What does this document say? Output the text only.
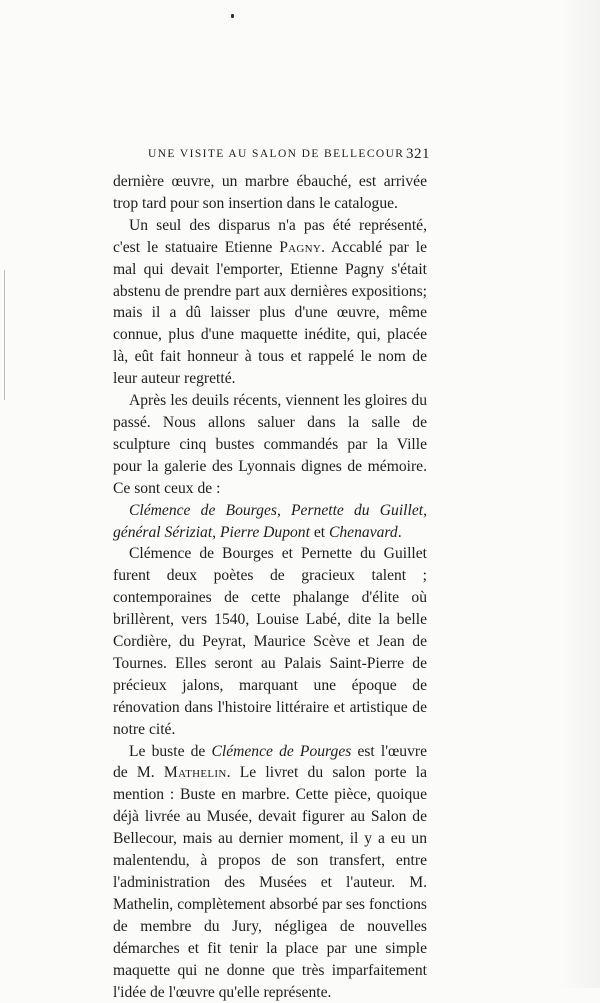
UNE VISITE AU SALON DE BELLECOUR 321

dernière œuvre, un marbre ébauché, est arrivée trop tard pour son insertion dans le catalogue.

Un seul des disparus n'a pas été représenté, c'est le statuaire Etienne Pagny. Accablé par le mal qui devait l'emporter, Etienne Pagny s'était abstenu de prendre part aux dernières expositions; mais il a dû laisser plus d'une œuvre, même connue, plus d'une maquette inédite, qui, placée là, eût fait honneur à tous et rappelé le nom de leur auteur regretté.

Après les deuils récents, viennent les gloires du passé. Nous allons saluer dans la salle de sculpture cinq bustes commandés par la Ville pour la galerie des Lyonnais dignes de mémoire. Ce sont ceux de :

Clémence de Bourges, Pernette du Guillet, général Sériziat, Pierre Dupont et Chenavard.

Clémence de Bourges et Pernette du Guillet furent deux poètes de gracieux talent ; contemporaines de cette phalange d'élite où brillèrent, vers 1540, Louise Labé, dite la belle Cordière, du Peyrat, Maurice Scève et Jean de Tournes. Elles seront au Palais Saint-Pierre de précieux jalons, marquant une époque de rénovation dans l'histoire littéraire et artistique de notre cité.

Le buste de Clémence de Pourges est l'œuvre de M. Mathelin. Le livret du salon porte la mention : Buste en marbre. Cette pièce, quoique déjà livrée au Musée, devait figurer au Salon de Bellecour, mais au dernier moment, il y a eu un malentendu, à propos de son transfert, entre l'administration des Musées et l'auteur. M. Mathelin, complètement absorbé par ses fonctions de membre du Jury, négligea de nouvelles démarches et fit tenir la place par une simple maquette qui ne donne que très imparfaitement l'idée de l'œuvre qu'elle représente.
